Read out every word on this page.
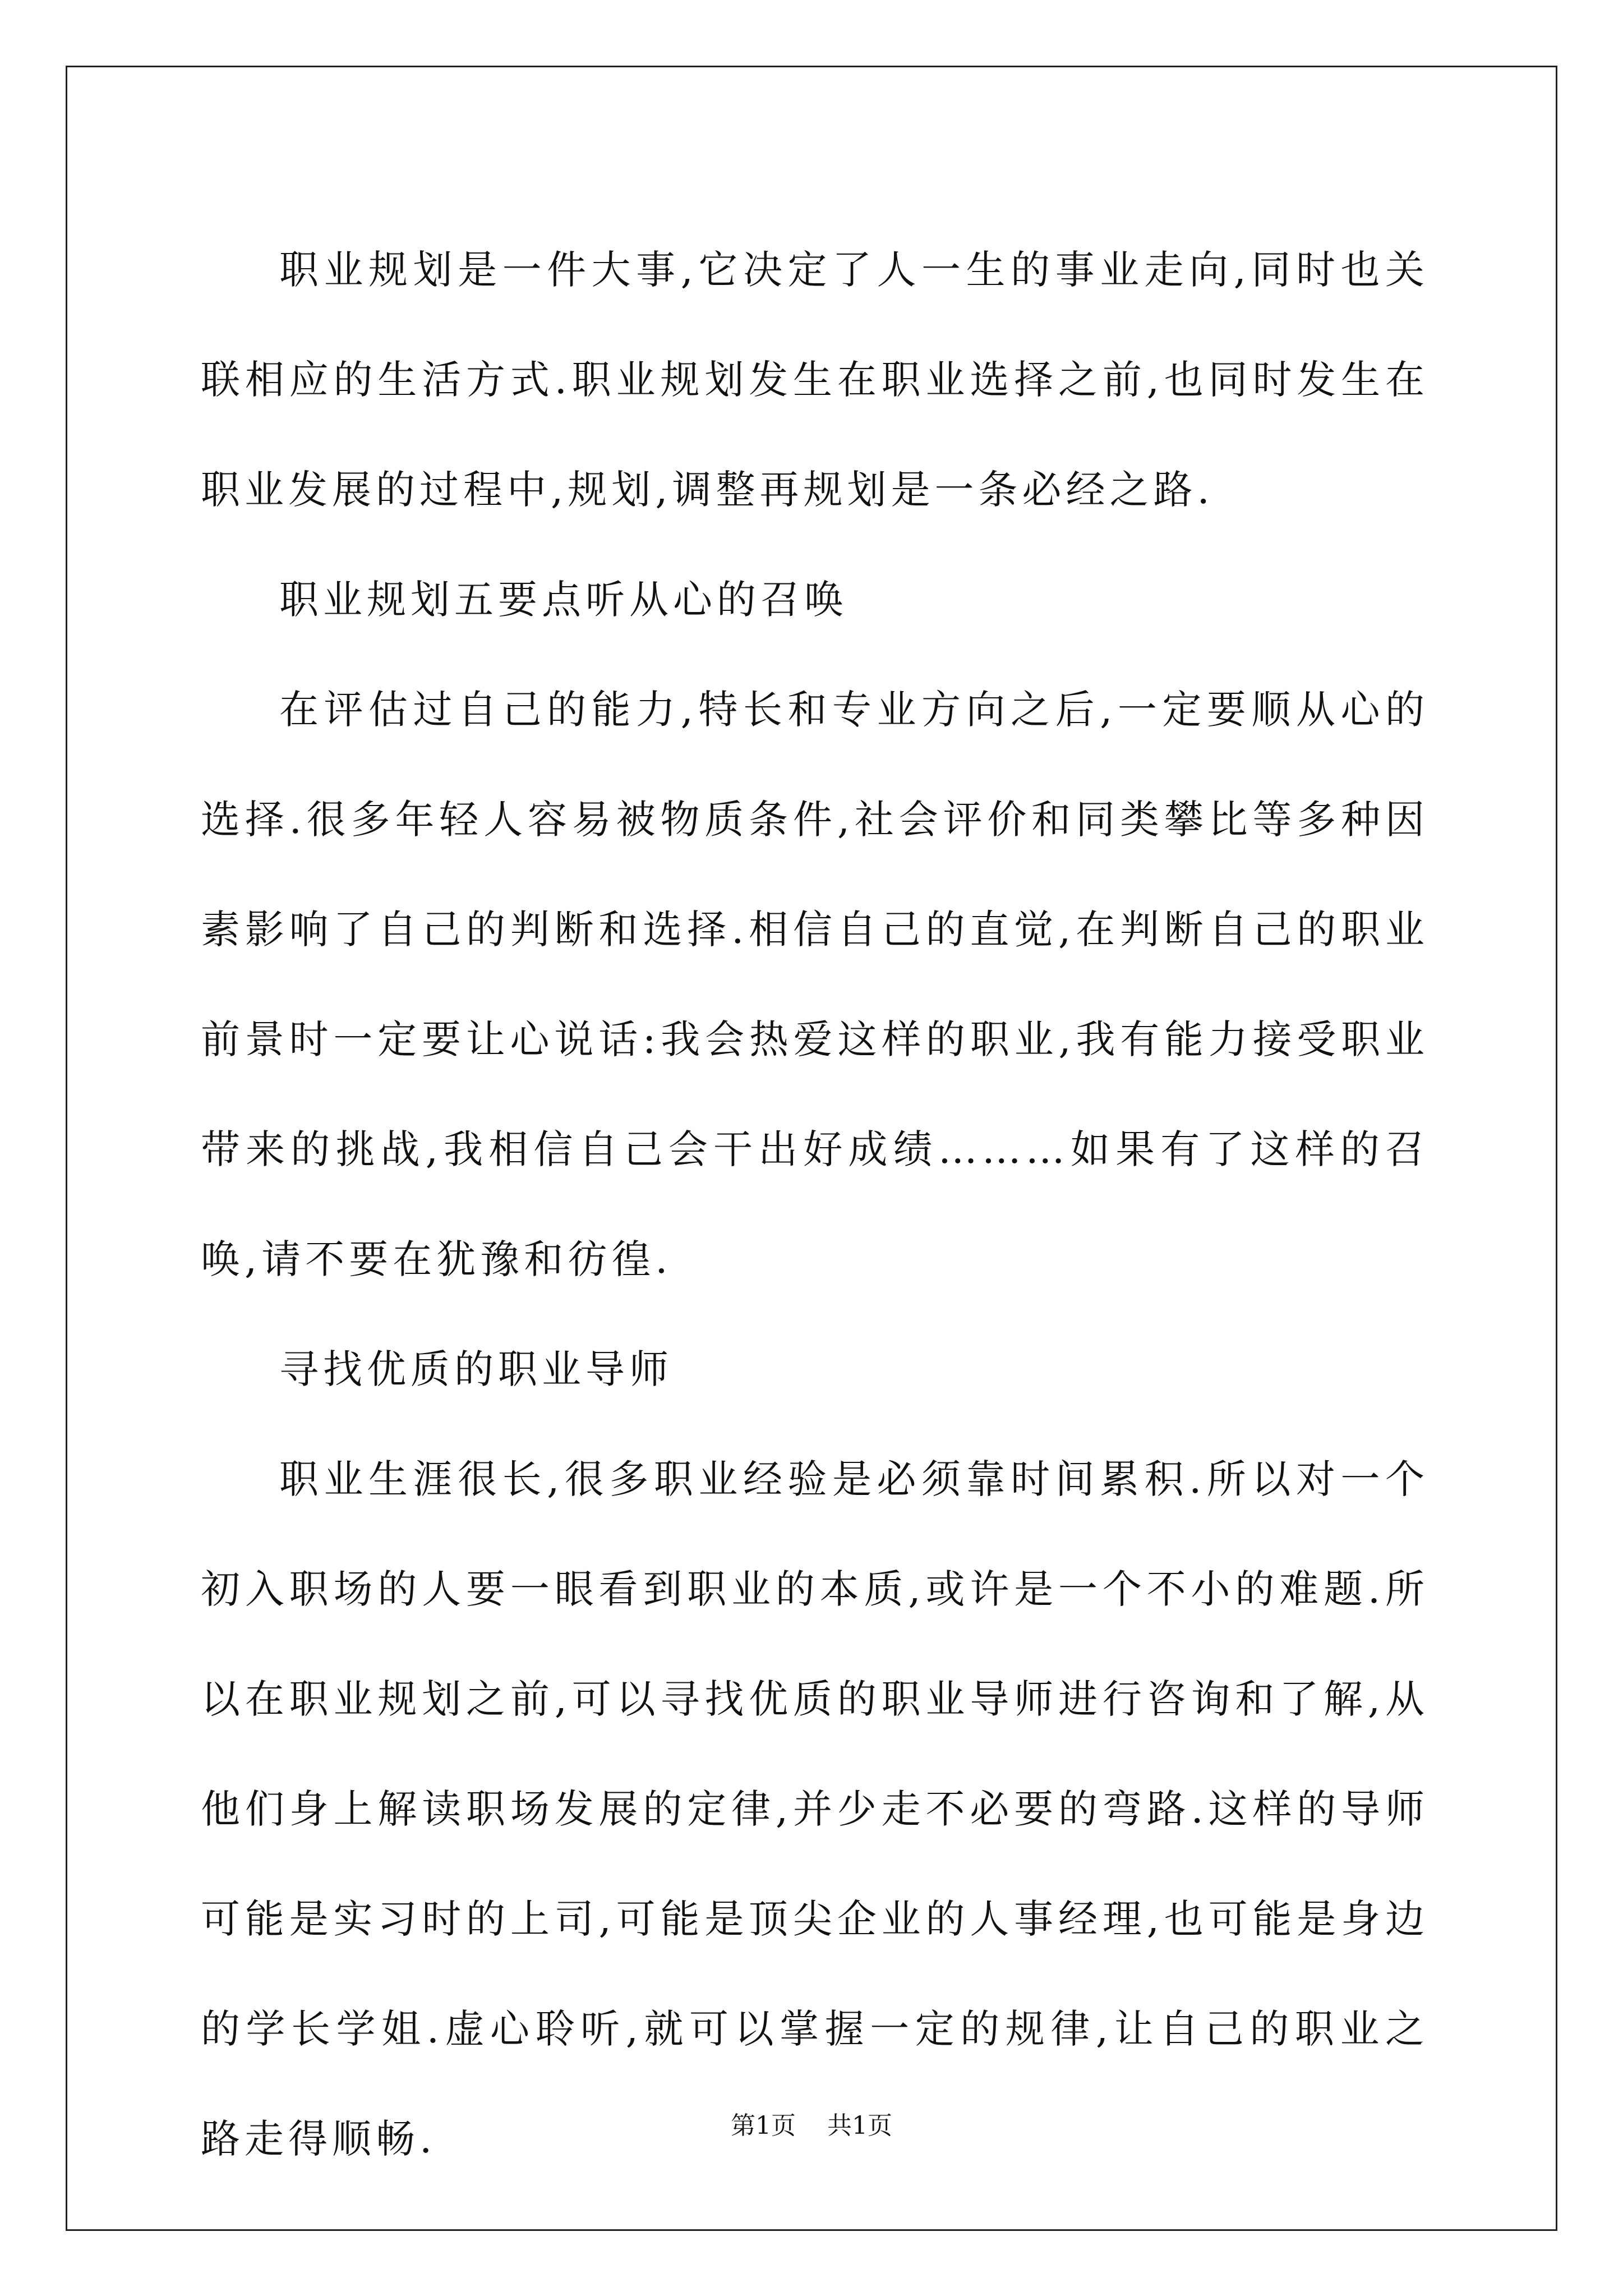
职业规划是一件大事,它决定了人一生的事业走向,同时也关联相应的生活方式.职业规划发生在职业选择之前,也同时发生在职业发展的过程中,规划,调整再规划是一条必经之路.

职业规划五要点听从心的召唤

在评估过自己的能力,特长和专业方向之后,一定要顺从心的选择.很多年轻人容易被物质条件,社会评价和同类攀比等多种因素影响了自己的判断和选择.相信自己的直觉,在判断自己的职业前景时一定要让心说话:我会热爱这样的职业,我有能力接受职业带来的挑战,我相信自己会干出好成绩………如果有了这样的召唤,请不要在犹豫和彷徨.

寻找优质的职业导师

职业生涯很长,很多职业经验是必须靠时间累积.所以对一个初入职场的人要一眼看到职业的本质,或许是一个不小的难题.所以在职业规划之前,可以寻找优质的职业导师进行咨询和了解,从他们身上解读职场发展的定律,并少走不必要的弯路.这样的导师可能是实习时的上司,可能是顶尖企业的人事经理,也可能是身边的学长学姐.虚心聆听,就可以掌握一定的规律,让自己的职业之路走得顺畅.	第1页 共1页
